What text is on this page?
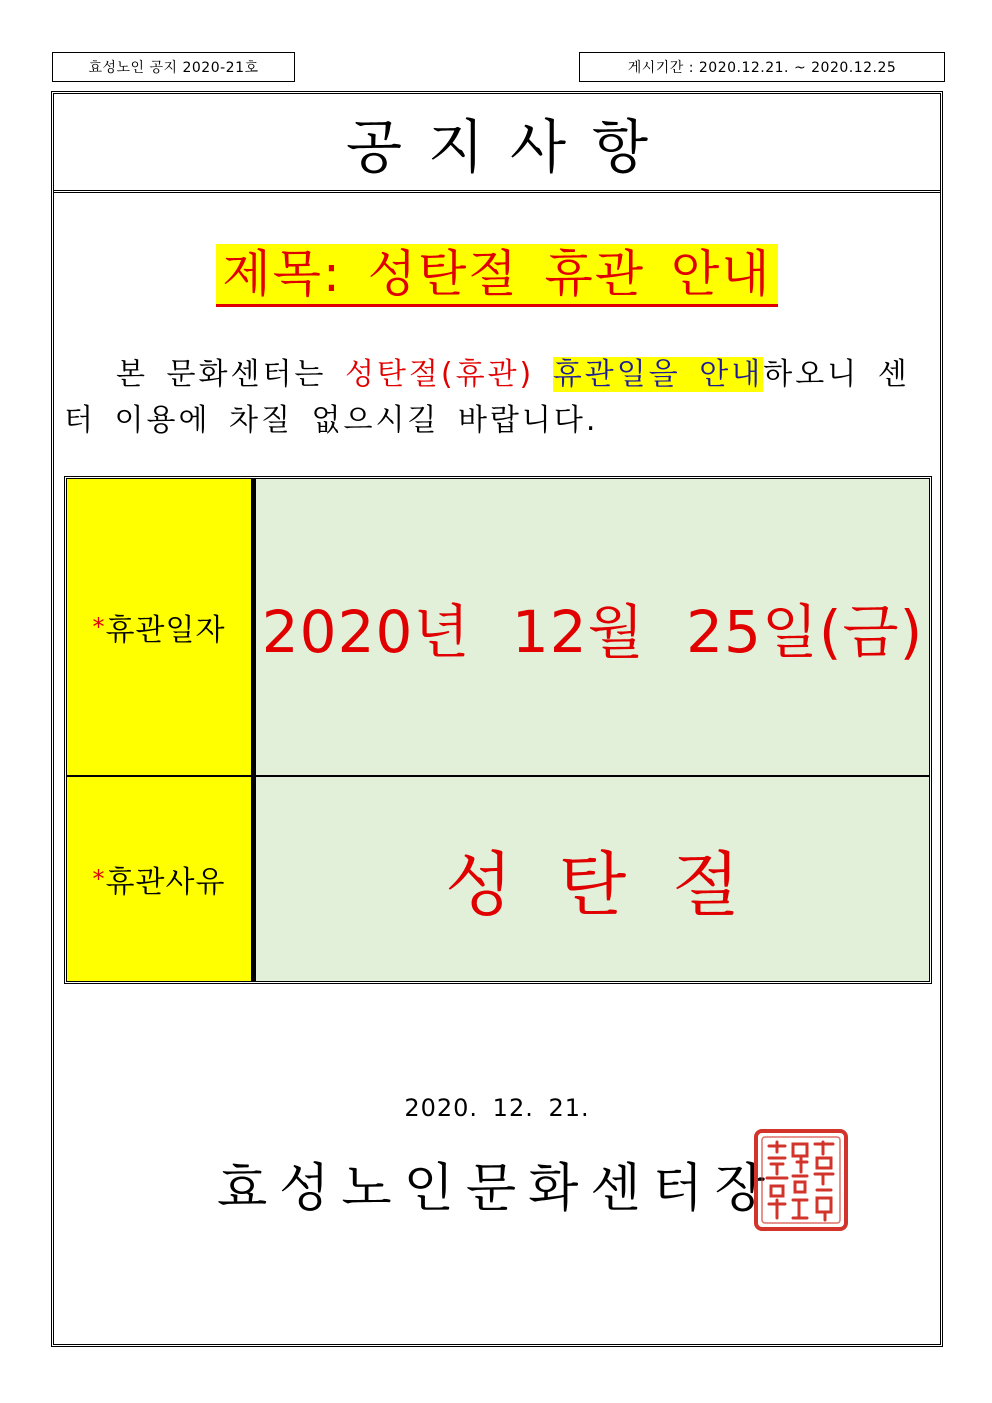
효성노인 공지 2020-21호	게시기간 : 2020.12.21. ~ 2020.12.25
공지사항
제목: 성탄절 휴관 안내
본 문화센터는 성탄절(휴관) 휴관일을 안내하오니 센터 이용에 차질 없으시길 바랍니다.
* 휴관일자 2020년 12월 25일(금)
* 휴관사유	성탄절
2020. 12. 21.
효성노인문화센터장
